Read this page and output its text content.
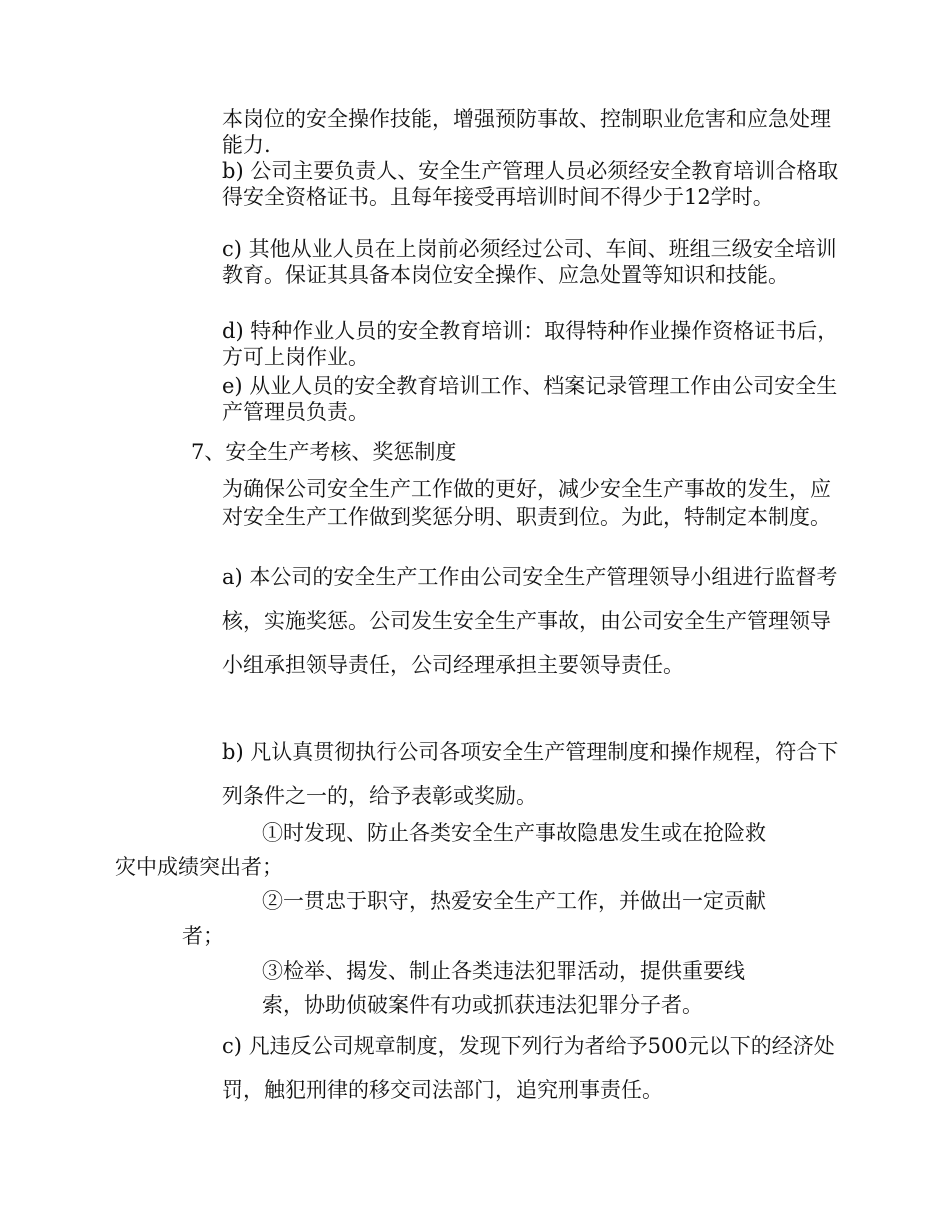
本岗位的安全操作技能，增强预防事故、控制职业危害和应急处理能力.

b) 公司主要负责人、安全生产管理人员必须经安全教育培训合格取得安全资格证书。且每年接受再培训时间不得少于12学时。

c) 其他从业人员在上岗前必须经过公司、车间、班组三级安全培训教育。保证其具备本岗位安全操作、应急处置等知识和技能。

d) 特种作业人员的安全教育培训：取得特种作业操作资格证书后，方可上岗作业。

e) 从业人员的安全教育培训工作、档案记录管理工作由公司安全生产管理员负责。

7、安全生产考核、奖惩制度

为确保公司安全生产工作做的更好，减少安全生产事故的发生，应对安全生产工作做到奖惩分明、职责到位。为此，特制定本制度。

a) 本公司的安全生产工作由公司安全生产管理领导小组进行监督考核，实施奖惩。公司发生安全生产事故，由公司安全生产管理领导小组承担领导责任，公司经理承担主要领导责任。

b) 凡认真贯彻执行公司各项安全生产管理制度和操作规程，符合下列条件之一的，给予表彰或奖励。

①时发现、防止各类安全生产事故隐患发生或在抢险救

灾中成绩突出者；

②一贯忠于职守，热爱安全生产工作，并做出一定贡献

者；

③检举、揭发、制止各类违法犯罪活动，提供重要线

索，协助侦破案件有功或抓获违法犯罪分子者。

c) 凡违反公司规章制度，发现下列行为者给予500元以下的经济处罚，触犯刑律的移交司法部门，追究刑事责任。
